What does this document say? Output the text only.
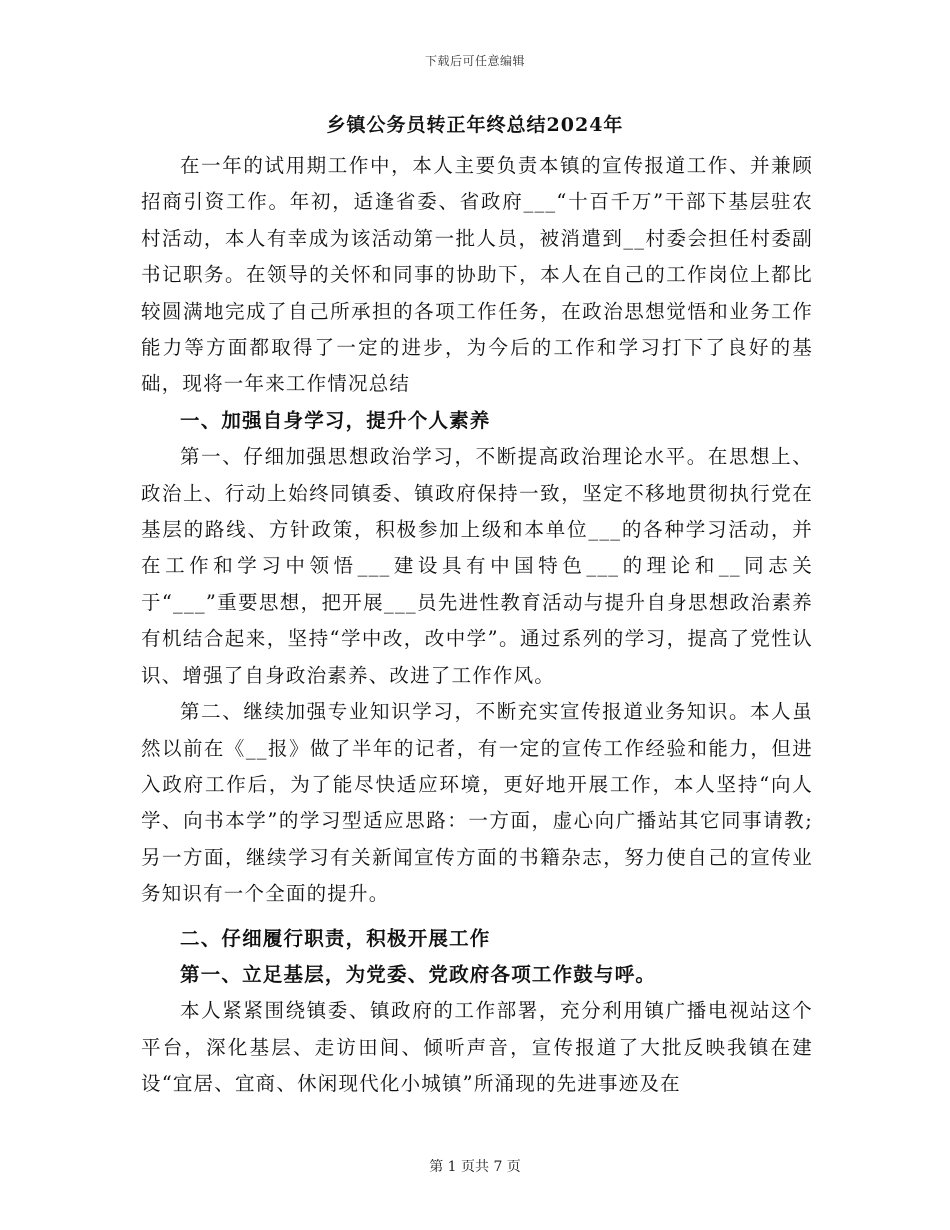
下载后可任意编辑
乡镇公务员转正年终总结2024年

在一年的试用期工作中，本人主要负责本镇的宣传报道工作、并兼顾招商引资工作。年初，适逢省委、省政府___“十百千万”干部下基层驻农村活动，本人有幸成为该活动第一批人员，被消遣到__村委会担任村委副书记职务。在领导的关怀和同事的协助下，本人在自己的工作岗位上都比较圆满地完成了自己所承担的各项工作任务，在政治思想觉悟和业务工作能力等方面都取得了一定的进步，为今后的工作和学习打下了良好的基础，现将一年来工作情况总结

一、加强自身学习，提升个人素养

第一、仔细加强思想政治学习，不断提高政治理论水平。在思想上、政治上、行动上始终同镇委、镇政府保持一致，坚定不移地贯彻执行党在基层的路线、方针政策，积极参加上级和本单位___的各种学习活动，并在工作和学习中领悟___建设具有中国特色___的理论和__同志关于“___”重要思想，把开展___员先进性教育活动与提升自身思想政治素养有机结合起来，坚持“学中改，改中学”。通过系列的学习，提高了党性认识、增强了自身政治素养、改进了工作作风。

第二、继续加强专业知识学习，不断充实宣传报道业务知识。本人虽然以前在《__报》做了半年的记者，有一定的宣传工作经验和能力，但进入政府工作后，为了能尽快适应环境，更好地开展工作，本人坚持“向人学、向书本学”的学习型适应思路：一方面，虚心向广播站其它同事请教;另一方面，继续学习有关新闻宣传方面的书籍杂志，努力使自己的宣传业务知识有一个全面的提升。

二、仔细履行职责，积极开展工作

第一、立足基层，为党委、党政府各项工作鼓与呼。

本人紧紧围绕镇委、镇政府的工作部署，充分利用镇广播电视站这个平台，深化基层、走访田间、倾听声音，宣传报道了大批反映我镇在建设“宜居、宜商、休闲现代化小城镇”所涌现的先进事迹及在

第 1 页共 7 页
